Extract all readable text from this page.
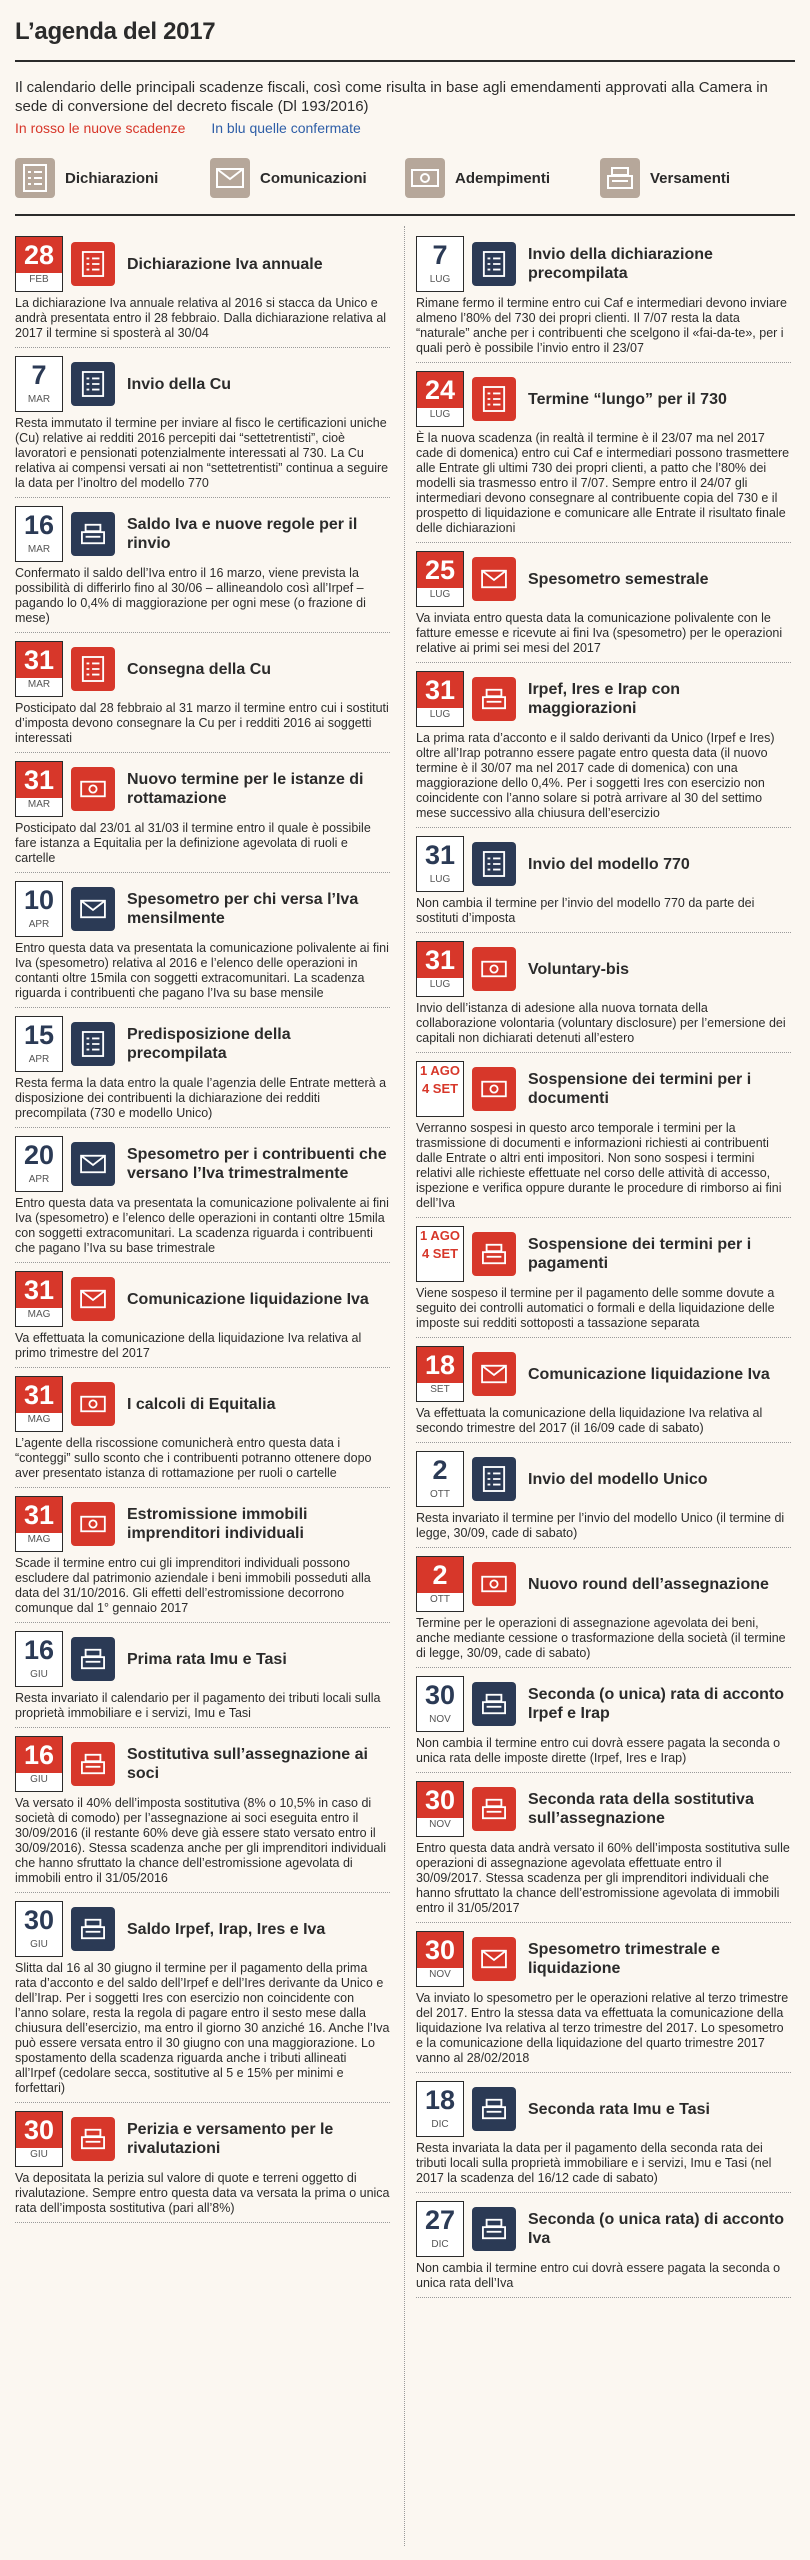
L’agenda del 2017
Il calendario delle principali scadenze fiscali, così come risulta in base agli emendamenti approvati alla Camera in sede di conversione del decreto fiscale (Dl 193/2016)
In rosso le nuove scadenze In blu quelle confermate
Dichiarazioni	Comunicazioni	Adempimenti	Versamenti
28
FEB
Dichiarazione Iva annuale
La dichiarazione Iva annuale relativa al 2016 si stacca da Unico e andrà presentata entro il 28 febbraio. Dalla dichiarazione relativa al 2017 il termine si sposterà al 30/04
7
MAR
Invio della Cu
Resta immutato il termine per inviare al fisco le certificazioni uniche (Cu) relative ai redditi 2016 percepiti dai “settetrentisti”, cioè lavoratori e pensionati potenzialmente interessati al 730. La Cu relativa ai compensi versati ai non “settetrentisti” continua a seguire la data per l’inoltro del modello 770
16
MAR
Saldo Iva e nuove regole per il rinvio
Confermato il saldo dell’Iva entro il 16 marzo, viene prevista la possibilità di differirlo fino al 30/06 – allineandolo così all’Irpef – pagando lo 0,4% di maggiorazione per ogni mese (o frazione di mese)
31
MAR
Consegna della Cu
Posticipato dal 28 febbraio al 31 marzo il termine entro cui i sostituti d’imposta devono consegnare la Cu per i redditi 2016 ai soggetti interessati
31
MAR
Nuovo termine per le istanze di rottamazione
Posticipato dal 23/01 al 31/03 il termine entro il quale è possibile fare istanza a Equitalia per la definizione agevolata di ruoli e cartelle
10
APR
Spesometro per chi versa l’Iva mensilmente
Entro questa data va presentata la comunicazione polivalente ai fini Iva (spesometro) relativa al 2016 e l’elenco delle operazioni in contanti oltre 15mila con soggetti extracomunitari. La scadenza riguarda i contribuenti che pagano l’Iva su base mensile
15
APR
Predisposizione della precompilata
Resta ferma la data entro la quale l’agenzia delle Entrate metterà a disposizione dei contribuenti la dichiarazione dei redditi precompilata (730 e modello Unico)
20
APR
Spesometro per i contribuenti che versano l’Iva trimestralmente
Entro questa data va presentata la comunicazione polivalente ai fini Iva (spesometro) e l’elenco delle operazioni in contanti oltre 15mila con soggetti extracomunitari. La scadenza riguarda i contribuenti che pagano l’Iva su base trimestrale
31
MAG
Comunicazione liquidazione Iva
Va effettuata la comunicazione della liquidazione Iva relativa al primo trimestre del 2017
31
MAG
I calcoli di Equitalia
L’agente della riscossione comunicherà entro questa data i “conteggi” sullo sconto che i contribuenti potranno ottenere dopo aver presentato istanza di rottamazione per ruoli o cartelle
31
MAG
Estromissione immobili imprenditori individuali
Scade il termine entro cui gli imprenditori individuali possono escludere dal patrimonio aziendale i beni immobili posseduti alla data del 31/10/2016. Gli effetti dell’estromissione decorrono comunque dal 1° gennaio 2017
16
GIU
Prima rata Imu e Tasi
Resta invariato il calendario per il pagamento dei tributi locali sulla proprietà immobiliare e i servizi, Imu e Tasi
16
GIU
Sostitutiva sull’assegnazione ai soci
Va versato il 40% dell’imposta sostitutiva (8% o 10,5% in caso di società di comodo) per l’assegnazione ai soci eseguita entro il 30/09/2016 (il restante 60% deve già essere stato versato entro il 30/09/2016). Stessa scadenza anche per gli imprenditori individuali che hanno sfruttato la chance dell’estromissione agevolata di immobili entro il 31/05/2016
30
GIU
Saldo Irpef, Irap, Ires e Iva
Slitta dal 16 al 30 giugno il termine per il pagamento della prima rata d’acconto e del saldo dell’Irpef e dell’Ires derivante da Unico e dell’Irap. Per i soggetti Ires con esercizio non coincidente con l’anno solare, resta la regola di pagare entro il sesto mese dalla chiusura dell’esercizio, ma entro il giorno 30 anziché 16. Anche l’Iva può essere versata entro il 30 giugno con una maggiorazione. Lo spostamento della scadenza riguarda anche i tributi allineati all’Irpef (cedolare secca, sostitutive al 5 e 15% per minimi e forfettari)
30
GIU
Perizia e versamento per le rivalutazioni
Va depositata la perizia sul valore di quote e terreni oggetto di rivalutazione. Sempre entro questa data va versata la prima o unica rata dell’imposta sostitutiva (pari all’8%)
7
LUG
Invio della dichiarazione precompilata
Rimane fermo il termine entro cui Caf e intermediari devono inviare almeno l’80% del 730 dei propri clienti. Il 7/07 resta la data “naturale” anche per i contribuenti che scelgono il «fai-da-te», per i quali però è possibile l’invio entro il 23/07
24
LUG
Termine “lungo” per il 730
È la nuova scadenza (in realtà il termine è il 23/07 ma nel 2017 cade di domenica) entro cui Caf e intermediari possono trasmettere alle Entrate gli ultimi 730 dei propri clienti, a patto che l’80% dei modelli sia trasmesso entro il 7/07. Sempre entro il 24/07 gli intermediari devono consegnare al contribuente copia del 730 e il prospetto di liquidazione e comunicare alle Entrate il risultato finale delle dichiarazioni
25
LUG
Spesometro semestrale
Va inviata entro questa data la comunicazione polivalente con le fatture emesse e ricevute ai fini Iva (spesometro) per le operazioni relative ai primi sei mesi del 2017
31
LUG
Irpef, Ires e Irap con maggiorazioni
La prima rata d’acconto e il saldo derivanti da Unico (Irpef e Ires) oltre all’Irap potranno essere pagate entro questa data (il nuovo termine è il 30/07 ma nel 2017 cade di domenica) con una maggiorazione dello 0,4%. Per i soggetti Ires con esercizio non coincidente con l’anno solare si potrà arrivare al 30 del settimo mese successivo alla chiusura dell’esercizio
31
LUG
Invio del modello 770
Non cambia il termine per l’invio del modello 770 da parte dei sostituti d’imposta
31
LUG
Voluntary-bis
Invio dell’istanza di adesione alla nuova tornata della collaborazione volontaria (voluntary disclosure) per l’emersione dei capitali non dichiarati detenuti all’estero
1 AGO
4 SET
Sospensione dei termini per i documenti
Verranno sospesi in questo arco temporale i termini per la trasmissione di documenti e informazioni richiesti ai contribuenti dalle Entrate o altri enti impositori. Non sono sospesi i termini relativi alle richieste effettuate nel corso delle attività di accesso, ispezione e verifica oppure durante le procedure di rimborso ai fini dell’Iva
1 AGO
4 SET
Sospensione dei termini per i pagamenti
Viene sospeso il termine per il pagamento delle somme dovute a seguito dei controlli automatici o formali e della liquidazione delle imposte sui redditi sottoposti a tassazione separata
18
SET
Comunicazione liquidazione Iva
Va effettuata la comunicazione della liquidazione Iva relativa al secondo trimestre del 2017 (il 16/09 cade di sabato)
2
OTT
Invio del modello Unico
Resta invariato il termine per l’invio del modello Unico (il termine di legge, 30/09, cade di sabato)
2
OTT
Nuovo round dell’assegnazione
Termine per le operazioni di assegnazione agevolata dei beni, anche mediante cessione o trasformazione della società (il termine di legge, 30/09, cade di sabato)
30
NOV
Seconda (o unica) rata di acconto Irpef e Irap
Non cambia il termine entro cui dovrà essere pagata la seconda o unica rata delle imposte dirette (Irpef, Ires e Irap)
30
NOV
Seconda rata della sostitutiva sull’assegnazione
Entro questa data andrà versato il 60% dell’imposta sostitutiva sulle operazioni di assegnazione agevolata effettuate entro il 30/09/2017. Stessa scadenza per gli imprenditori individuali che hanno sfruttato la chance dell’estromissione agevolata di immobili entro il 31/05/2017
30
NOV
Spesometro trimestrale e liquidazione
Va inviato lo spesometro per le operazioni relative al terzo trimestre del 2017. Entro la stessa data va effettuata la comunicazione della liquidazione Iva relativa al terzo trimestre del 2017. Lo spesometro e la comunicazione della liquidazione del quarto trimestre 2017 vanno al 28/02/2018
18
DIC
Seconda rata Imu e Tasi
Resta invariata la data per il pagamento della seconda rata dei tributi locali sulla proprietà immobiliare e i servizi, Imu e Tasi (nel 2017 la scadenza del 16/12 cade di sabato)
27
DIC
Seconda (o unica rata) di acconto Iva
Non cambia il termine entro cui dovrà essere pagata la seconda o unica rata dell’Iva
